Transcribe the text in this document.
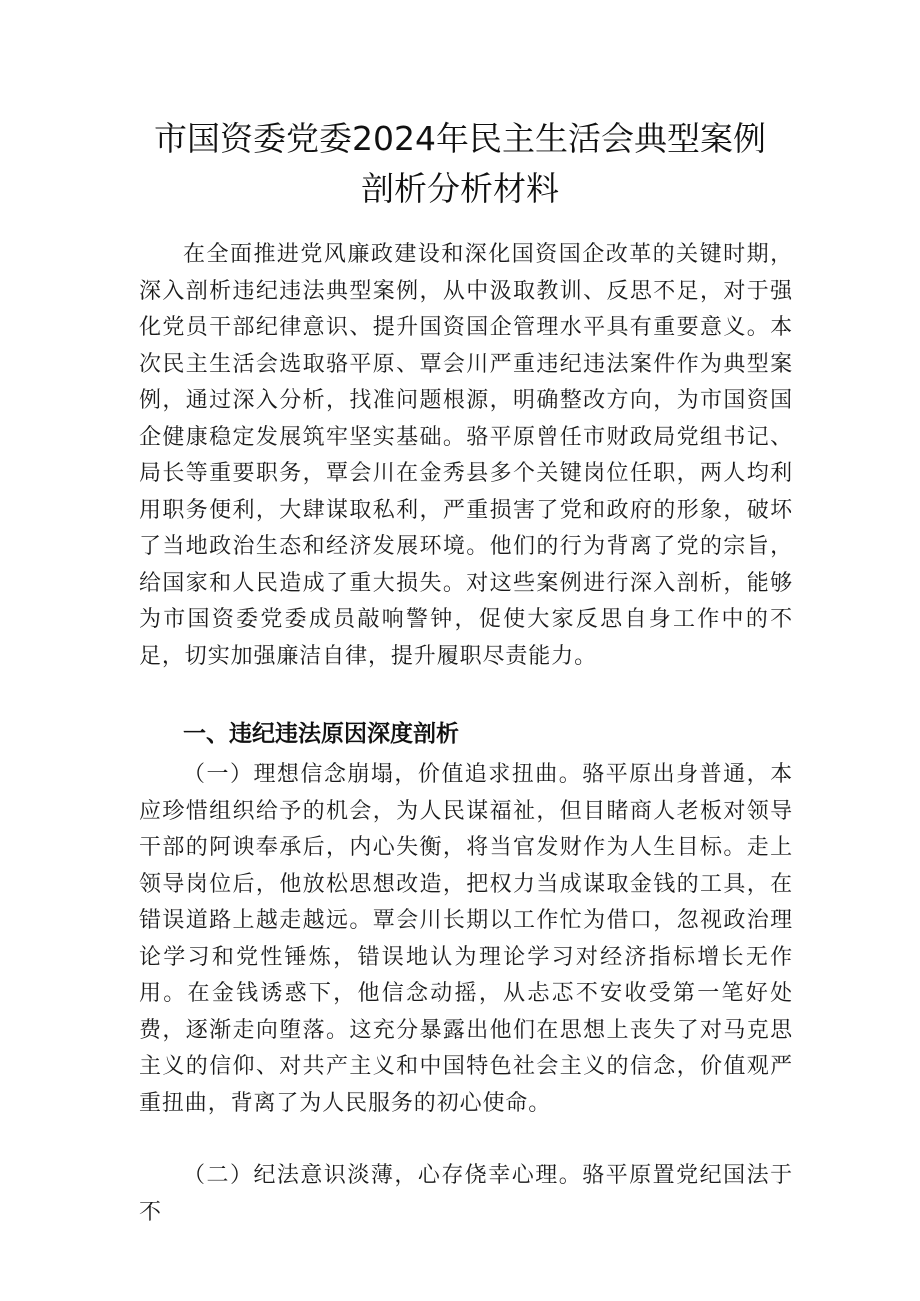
市国资委党委2024年民主生活会典型案例
剖析分析材料

在全面推进党风廉政建设和深化国资国企改革的关键时期，深入剖析违纪违法典型案例，从中汲取教训、反思不足，对于强化党员干部纪律意识、提升国资国企管理水平具有重要意义。本次民主生活会选取骆平原、覃会川严重违纪违法案件作为典型案例，通过深入分析，找准问题根源，明确整改方向，为市国资国企健康稳定发展筑牢坚实基础。骆平原曾任市财政局党组书记、局长等重要职务，覃会川在金秀县多个关键岗位任职，两人均利用职务便利，大肆谋取私利，严重损害了党和政府的形象，破坏了当地政治生态和经济发展环境。他们的行为背离了党的宗旨，给国家和人民造成了重大损失。对这些案例进行深入剖析，能够为市国资委党委成员敲响警钟，促使大家反思自身工作中的不足，切实加强廉洁自律，提升履职尽责能力。

一、违纪违法原因深度剖析

（一）理想信念崩塌，价值追求扭曲。骆平原出身普通，本应珍惜组织给予的机会，为人民谋福祉，但目睹商人老板对领导干部的阿谀奉承后，内心失衡，将当官发财作为人生目标。走上领导岗位后，他放松思想改造，把权力当成谋取金钱的工具，在错误道路上越走越远。覃会川长期以工作忙为借口，忽视政治理论学习和党性锤炼，错误地认为理论学习对经济指标增长无作用。在金钱诱惑下，他信念动摇，从忐忑不安收受第一笔好处费，逐渐走向堕落。这充分暴露出他们在思想上丧失了对马克思主义的信仰、对共产主义和中国特色社会主义的信念，价值观严重扭曲，背离了为人民服务的初心使命。

（二）纪法意识淡薄，心存侥幸心理。骆平原置党纪国法于不
